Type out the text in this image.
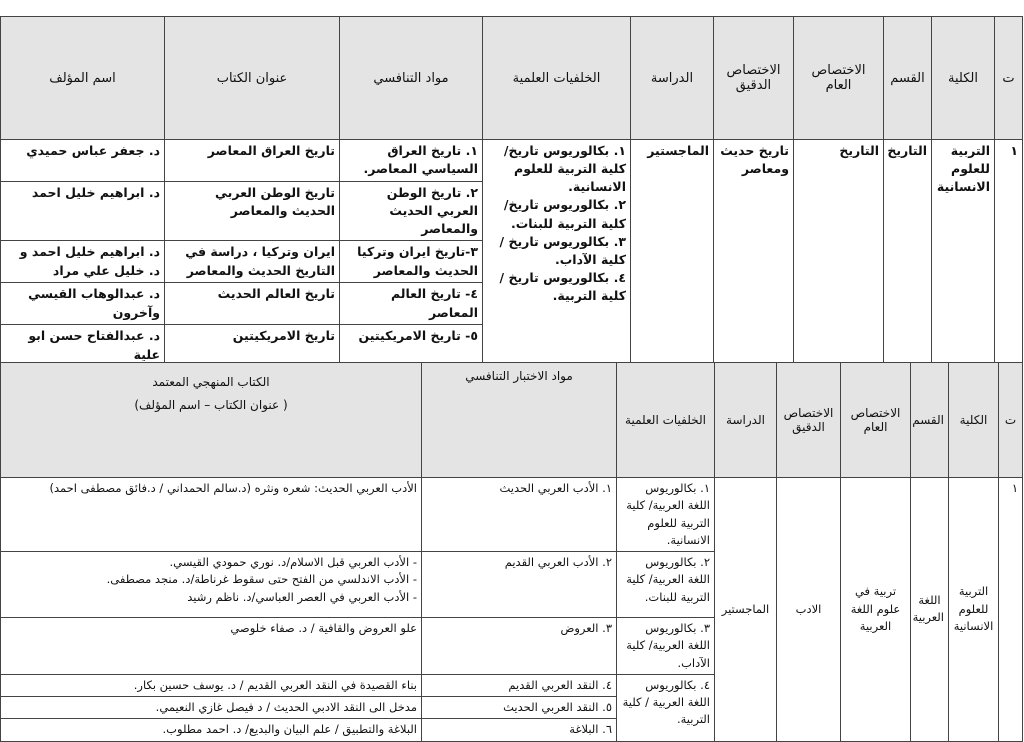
ت	الكلية	القسم	الاختصاص العام	الاختصاص الدقيق	الدراسة	الخلفيات العلمية	مواد التنافسي	عنوان الكتاب	اسم المؤلف
١	التربية للعلوم الانسانية	التاريخ	التاريخ	تاريخ حديث ومعاصر	الماجستير	١. بكالوريوس تاريخ/ كلية التربية للعلوم الانسانية.
٢. بكالوريوس تاريخ/ كلية التربية للبنات.
٣. بكالوريوس تاريخ / كلية الآداب.
٤. بكالوريوس تاريخ / كلية التربية.	١. تاريخ العراق السياسي المعاصر.	تاريخ العراق المعاصر	د. جعفر عباس حميدي
							٢. تاريخ الوطن العربي الحديث والمعاصر	تاريخ الوطن العربي الحديث والمعاصر	د. ابراهيم خليل احمد
							٣-تاريخ ايران وتركيا الحديث والمعاصر	ايران وتركيا ، دراسة في التاريخ الحديث والمعاصر	د. ابراهيم خليل احمد و د. خليل علي مراد
							٤- تاريخ العالم المعاصر	تاريخ العالم الحديث	د. عبدالوهاب القيسي وآخرون
							٥- تاريخ الامريكيتين	تاريخ الامريكيتين	د. عبدالفتاح حسن ابو علية
ت	الكلية	القسم	الاختصاص العام	الاختصاص الدقيق	الدراسة	الخلفيات العلمية	مواد الاختبار التنافسي	الكتاب المنهجي المعتمد
( عنوان الكتاب – اسم المؤلف)

١	التربية للعلوم الانسانية	اللغة العربية	تربية في علوم اللغة العربية	الادب	الماجستير	١. بكالوريوس اللغة العربية/ كلية التربية للعلوم الانسانية.	١. الأدب العربي الحديث	الأدب العربي الحديث: شعره ونثره (د.سالم الحمداني / د.فائق مصطفى احمد)
						٢. بكالوريوس اللغة العربية/ كلية التربية للبنات.	٢. الأدب العربي القديم	- الأدب العربي قبل الاسلام/د. نوري حمودي القيسي.
- الأدب الاندلسي من الفتح حتى سقوط غرناطة/د. منجد مصطفى.
- الأدب العربي في العصر العباسي/د. ناظم رشيد

						٣. بكالوريوس اللغة العربية/ كلية الآداب.	٣. العروض	علو العروض والقافية / د. صفاء خلوصي
						٤. بكالوريوس اللغة العربية / كلية التربية.	٤. النقد العربي القديم	بناء القصيدة في النقد العربي القديم / د. يوسف حسين بكار.
							٥. النقد العربي الحديث	مدخل الى النقد الادبي الحديث / د فيصل غازي النعيمي.
							٦. البلاغة	البلاغة والتطبيق / علم البيان والبديع/ د. احمد مطلوب.
